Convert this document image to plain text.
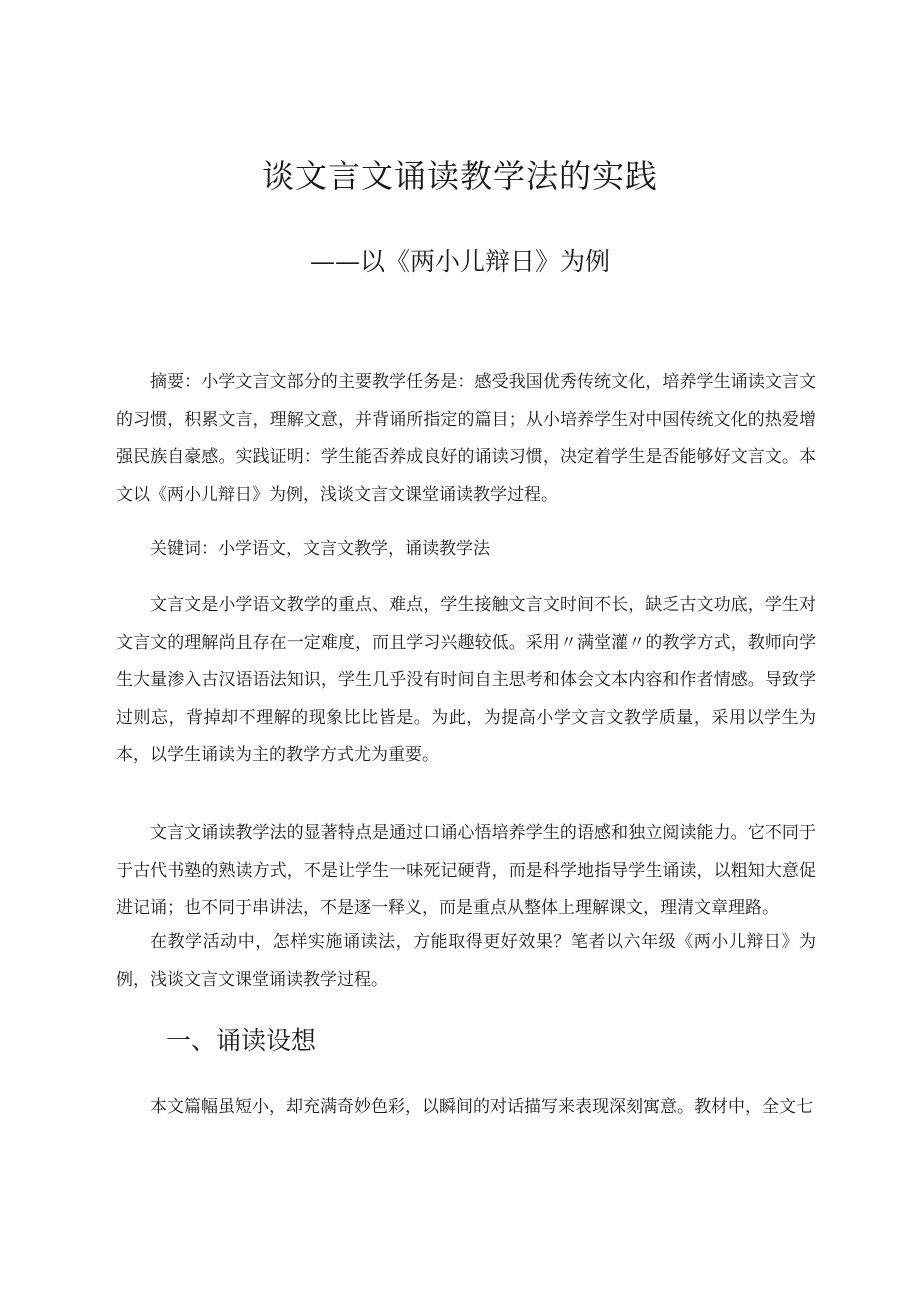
谈文言文诵读教学法的实践
——以《两小儿辩日》为例

摘要：小学文言文部分的主要教学任务是：感受我国优秀传统文化，培养学生诵读文言文的习惯，积累文言，理解文意，并背诵所指定的篇目；从小培养学生对中国传统文化的热爱增强民族自豪感。实践证明：学生能否养成良好的诵读习惯，决定着学生是否能够好文言文。本文以《两小儿辩日》为例，浅谈文言文课堂诵读教学过程。

关键词：小学语文，文言文教学，诵读教学法

文言文是小学语文教学的重点、难点，学生接触文言文时间不长，缺乏古文功底，学生对文言文的理解尚且存在一定难度，而且学习兴趣较低。采用〃满堂灌〃的教学方式，教师向学生大量渗入古汉语语法知识，学生几乎没有时间自主思考和体会文本内容和作者情感。导致学过则忘，背掉却不理解的现象比比皆是。为此，为提高小学文言文教学质量，采用以学生为本，以学生诵读为主的教学方式尤为重要。

文言文诵读教学法的显著特点是通过口诵心悟培养学生的语感和独立阅读能力。它不同于于古代书塾的熟读方式，不是让学生一味死记硬背，而是科学地指导学生诵读，以粗知大意促进记诵；也不同于串讲法，不是逐一释义，而是重点从整体上理解课文，理清文章理路。

在教学活动中，怎样实施诵读法，方能取得更好效果？笔者以六年级《两小儿辩日》为例，浅谈文言文课堂诵读教学过程。

一、诵读设想

本文篇幅虽短小，却充满奇妙色彩，以瞬间的对话描写来表现深刻寓意。教材中，全文七
